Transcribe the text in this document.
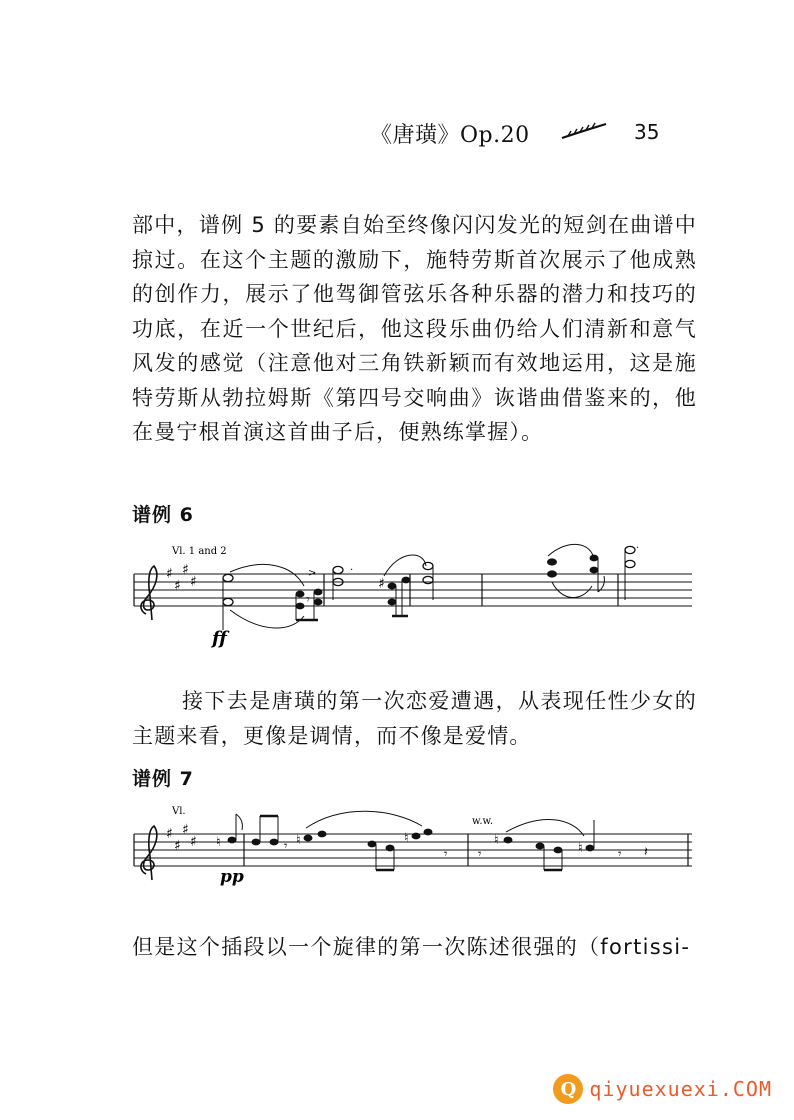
《唐璜》Op.20	35

部中，谱例 5 的要素自始至终像闪闪发光的短剑在曲谱中掠过。在这个主题的激励下，施特劳斯首次展示了他成熟的创作力，展示了他驾御管弦乐各种乐器的潜力和技巧的功底，在近一个世纪后，他这段乐曲仍给人们清新和意气风发的感觉（注意他对三角铁新颖而有效地运用，这是施特劳斯从勃拉姆斯《第四号交响曲》诙谐曲借鉴来的，他在曼宁根首演这首曲子后，便熟练掌握）。

谱例 6
Vl. 1 and 2
♯
♯
♯
♯
𝄾
>
.
♯
.
ff

接下去是唐璜的第一次恋爱遭遇，从表现任性少女的主题来看，更像是调情，而不像是爱情。

谱例 7
Vl.
w.w.
♯
♯
♯
♯ ♮	𝄾 ♮	♮
𝄾 𝄾
♮
♮	𝄾 𝄽
pp

但是这个插段以一个旋律的第一次陈述很强的（fortissi-

Q qiyuexuexi.COM
